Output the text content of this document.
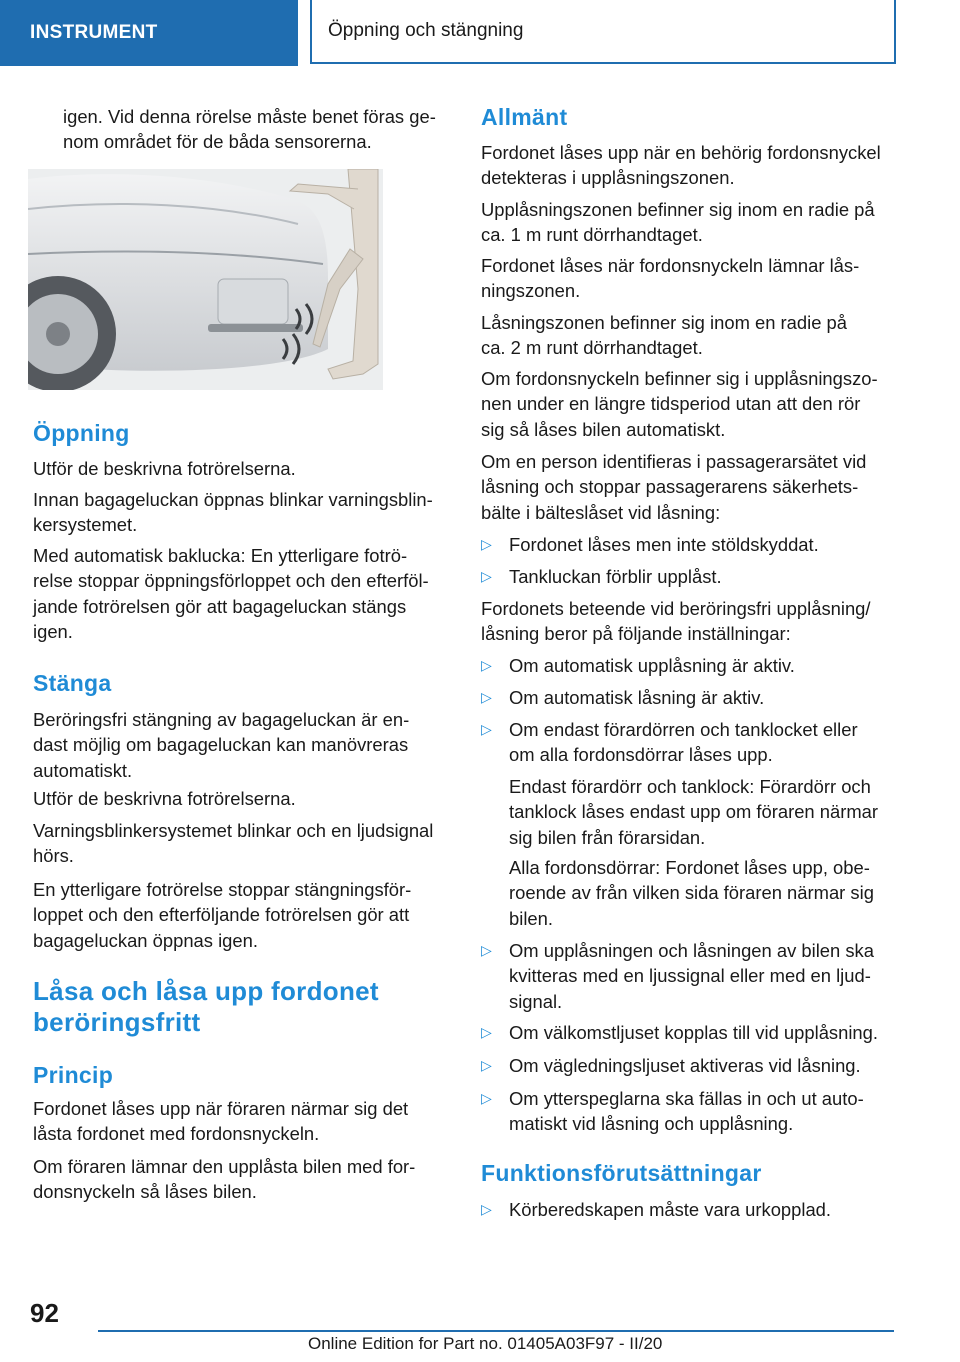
INSTRUMENT	Öppning och stängning

igen. Vid denna rörelse måste benet föras ge-
nom området för de båda sensorerna.

Öppning

Utför de beskrivna fotrörelserna.

Innan bagageluckan öppnas blinkar varningsblin-
kersystemet.

Med automatisk baklucka: En ytterligare fotrö-
relse stoppar öppningsförloppet och den efterföl-
jande fotrörelsen gör att bagageluckan stängs
igen.

Stänga

Beröringsfri stängning av bagageluckan är en-
dast möjlig om bagageluckan kan manövreras
automatiskt.

Utför de beskrivna fotrörelserna.

Varningsblinkersystemet blinkar och en ljudsignal
hörs.

En ytterligare fotrörelse stoppar stängningsför-
loppet och den efterföljande fotrörelsen gör att
bagageluckan öppnas igen.

Låsa och låsa upp fordonet
beröringsfritt
Princip

Fordonet låses upp när föraren närmar sig det
låsta fordonet med fordonsnyckeln.

Om föraren lämnar den upplåsta bilen med for-
donsnyckeln så låses bilen.

Allmänt

Fordonet låses upp när en behörig fordonsnyckel
detekteras i upplåsningszonen.

Upplåsningszonen befinner sig inom en radie på
ca. 1 m runt dörrhandtaget.

Fordonet låses när fordonsnyckeln lämnar lås-
ningszonen.

Låsningszonen befinner sig inom en radie på
ca. 2 m runt dörrhandtaget.

Om fordonsnyckeln befinner sig i upplåsningszo-
nen under en längre tidsperiod utan att den rör
sig så låses bilen automatiskt.

Om en person identifieras i passagerarsätet vid
låsning och stoppar passagerarens säkerhets-
bälte i bälteslåset vid låsning:

▷ Fordonet låses men inte stöldskyddat.
▷ Tankluckan förblir upplåst.

Fordonets beteende vid beröringsfri upplåsning/
låsning beror på följande inställningar:

▷ Om automatisk upplåsning är aktiv.
▷ Om automatisk låsning är aktiv.
▷ Om endast förardörren och tanklocket eller
om alla fordonsdörrar låses upp.
Endast förardörr och tanklock: Förardörr och
tanklock låses endast upp om föraren närmar
sig bilen från förarsidan.
Alla fordonsdörrar: Fordonet låses upp, obe-
roende av från vilken sida föraren närmar sig
bilen.
▷ Om upplåsningen och låsningen av bilen ska
kvitteras med en ljussignal eller med en ljud-
signal.
▷ Om välkomstljuset kopplas till vid upplåsning.
▷ Om vägledningsljuset aktiveras vid låsning.
▷ Om ytterspeglarna ska fällas in och ut auto-
matiskt vid låsning och upplåsning.
Funktionsförutsättningar
▷ Körberedskapen måste vara urkopplad.
92
Online Edition for Part no. 01405A03F97 - II/20
